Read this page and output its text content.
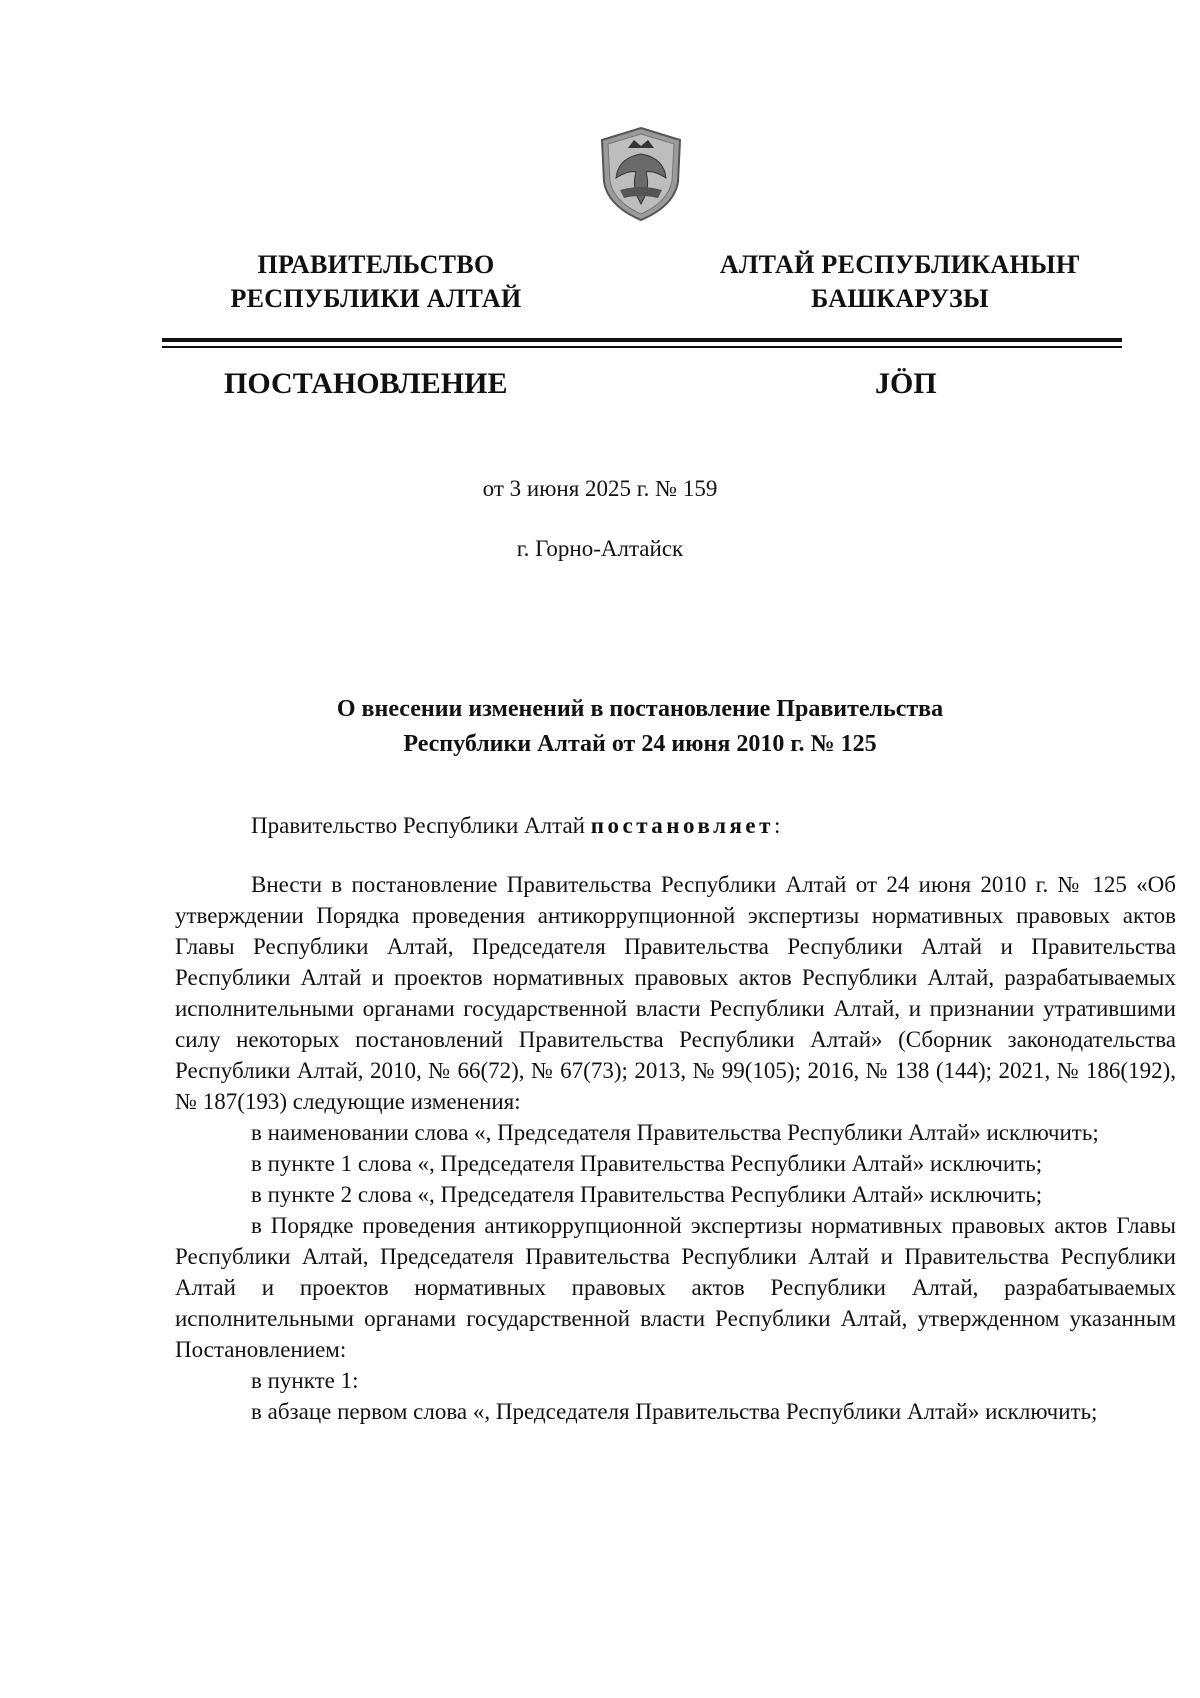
ПРАВИТЕЛЬСТВО
РЕСПУБЛИКИ АЛТАЙ
АЛТАЙ РЕСПУБЛИКАНЫҤ
БАШКАРУЗЫ
ПОСТАНОВЛЕНИЕ	JӦП
от 3 июня 2025 г. № 159
г. Горно-Алтайск
О внесении изменений в постановление Правительства
Республики Алтай от 24 июня 2010 г. № 125

Правительство Республики Алтай постановляет:

Внести в постановление Правительства Республики Алтай от 24 июня 2010 г. № 125 «Об утверждении Порядка проведения антикоррупционной экспертизы нормативных правовых актов Главы Республики Алтай, Председателя Правительства Республики Алтай и Правительства Республики Алтай и проектов нормативных правовых актов Республики Алтай, разрабатываемых исполнительными органами государственной власти Республики Алтай, и признании утратившими силу некоторых постановлений Правительства Республики Алтай» (Сборник законодательства Республики Алтай, 2010, № 66(72), № 67(73); 2013, № 99(105); 2016, № 138 (144); 2021, № 186(192), № 187(193) следующие изменения:

в наименовании слова «, Председателя Правительства Республики Алтай» исключить;

в пункте 1 слова «, Председателя Правительства Республики Алтай» исключить;

в пункте 2 слова «, Председателя Правительства Республики Алтай» исключить;

в Порядке проведения антикоррупционной экспертизы нормативных правовых актов Главы Республики Алтай, Председателя Правительства Республики Алтай и Правительства Республики Алтай и проектов нормативных правовых актов Республики Алтай, разрабатываемых исполнительными органами государственной власти Республики Алтай, утвержденном указанным Постановлением:

в пункте 1:

в абзаце первом слова «, Председателя Правительства Республики Алтай» исключить;
